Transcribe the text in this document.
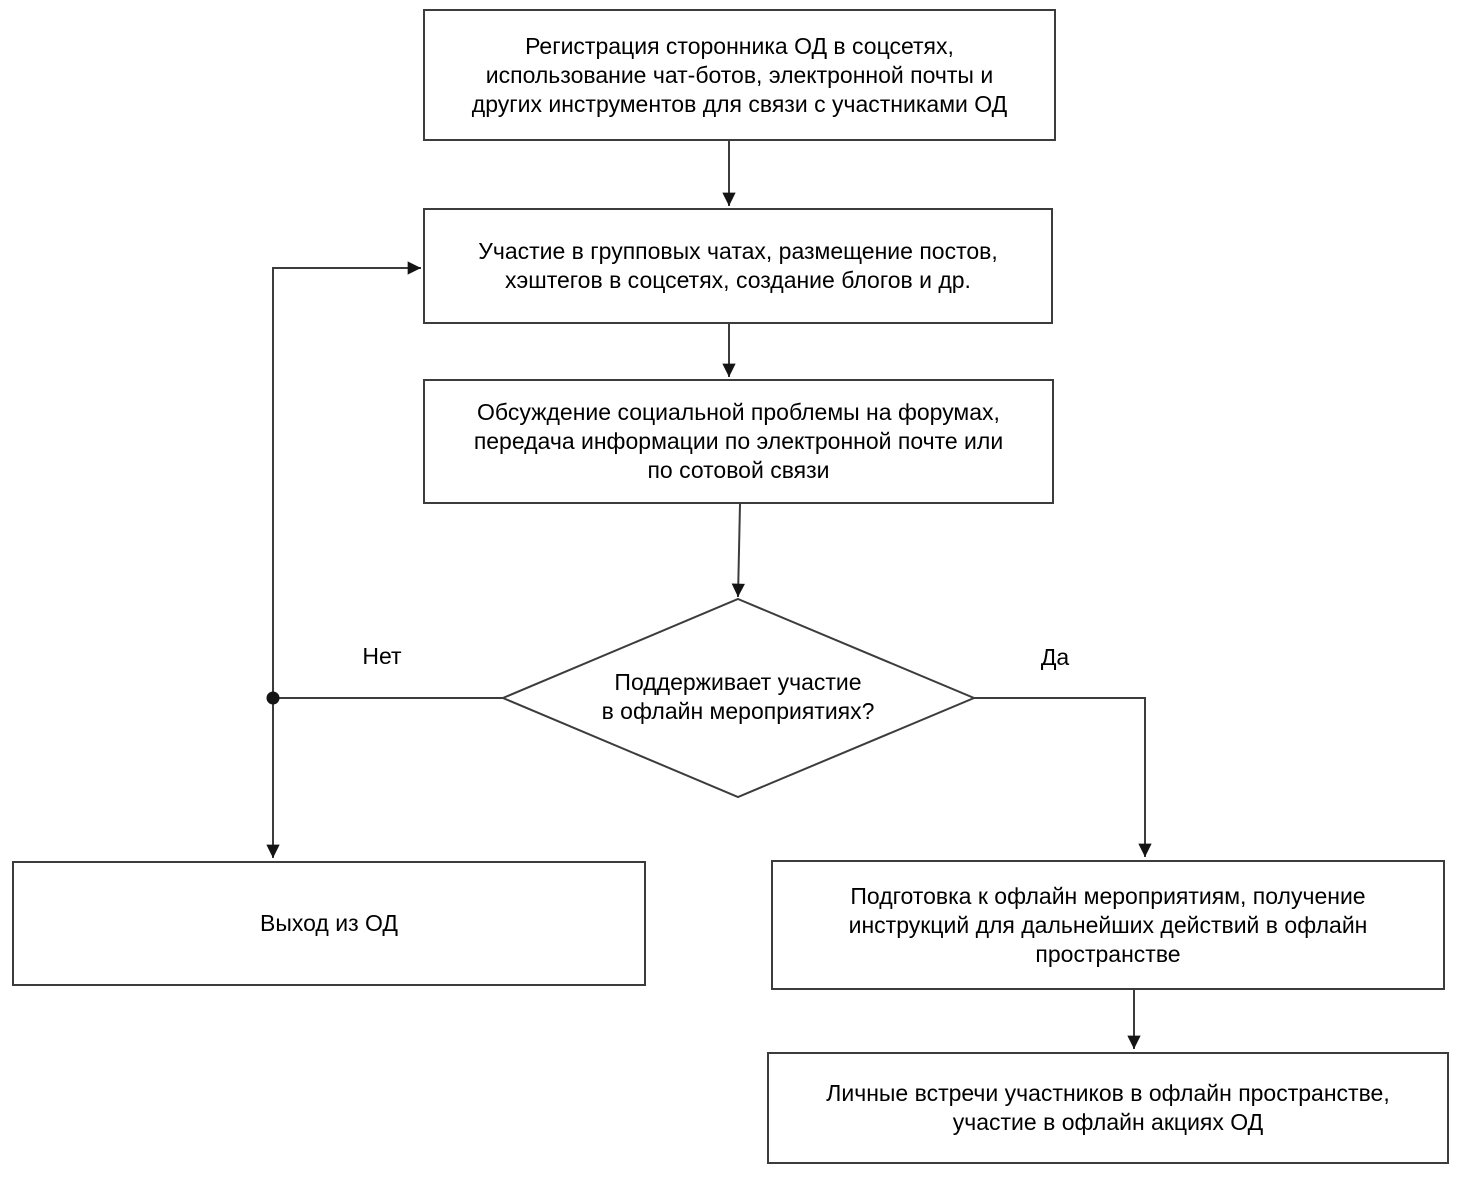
Регистрация сторонника ОД в соцсетях,
использование чат-ботов, электронной почты и
других инструментов для связи с участниками ОД
Участие в групповых чатах, размещение постов,
хэштегов в соцсетях, создание блогов и др.
Обсуждение социальной проблемы на форумах,
передача информации по электронной почте или
по сотовой связи
Поддерживает участие
в офлайн мероприятиях?
Нет	Да
Выход из ОД
Подготовка к офлайн мероприятиям, получение
инструкций для дальнейших действий в офлайн
пространстве
Личные встречи участников в офлайн пространстве,
участие в офлайн акциях ОД
